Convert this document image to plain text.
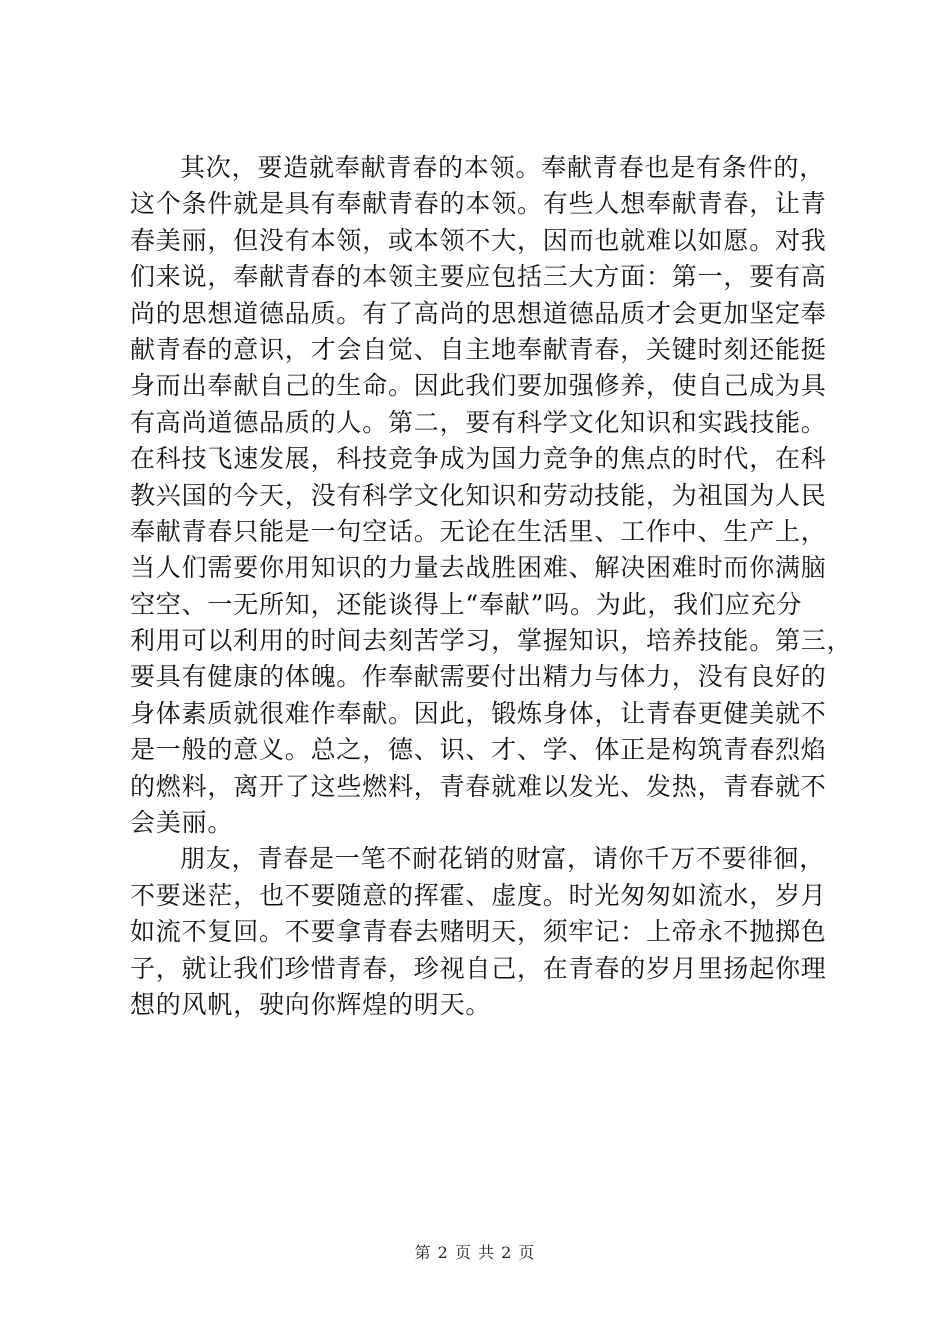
其次，要造就奉献青春的本领。奉献青春也是有条件的，
这个条件就是具有奉献青春的本领。有些人想奉献青春，让青
春美丽，但没有本领，或本领不大，因而也就难以如愿。对我
们来说，奉献青春的本领主要应包括三大方面：第一，要有高
尚的思想道德品质。有了高尚的思想道德品质才会更加坚定奉
献青春的意识，才会自觉、自主地奉献青春，关键时刻还能挺
身而出奉献自己的生命。因此我们要加强修养，使自己成为具
有高尚道德品质的人。第二，要有科学文化知识和实践技能。
在科技飞速发展，科技竞争成为国力竞争的焦点的时代，在科
教兴国的今天，没有科学文化知识和劳动技能，为祖国为人民
奉献青春只能是一句空话。无论在生活里、工作中、生产上，
当人们需要你用知识的力量去战胜困难、解决困难时而你满脑
空空、一无所知，还能谈得上“奉献”吗。为此，我们应充分
利用可以利用的时间去刻苦学习，掌握知识，培养技能。第三，
要具有健康的体魄。作奉献需要付出精力与体力，没有良好的
身体素质就很难作奉献。因此，锻炼身体，让青春更健美就不
是一般的意义。总之，德、识、才、学、体正是构筑青春烈焰
的燃料，离开了这些燃料，青春就难以发光、发热，青春就不
会美丽。
朋友，青春是一笔不耐花销的财富，请你千万不要徘徊，
不要迷茫，也不要随意的挥霍、虚度。时光匆匆如流水，岁月
如流不复回。不要拿青春去赌明天，须牢记：上帝永不抛掷色
子，就让我们珍惜青春，珍视自己，在青春的岁月里扬起你理
想的风帆，驶向你辉煌的明天。
第 2 页 共 2 页
